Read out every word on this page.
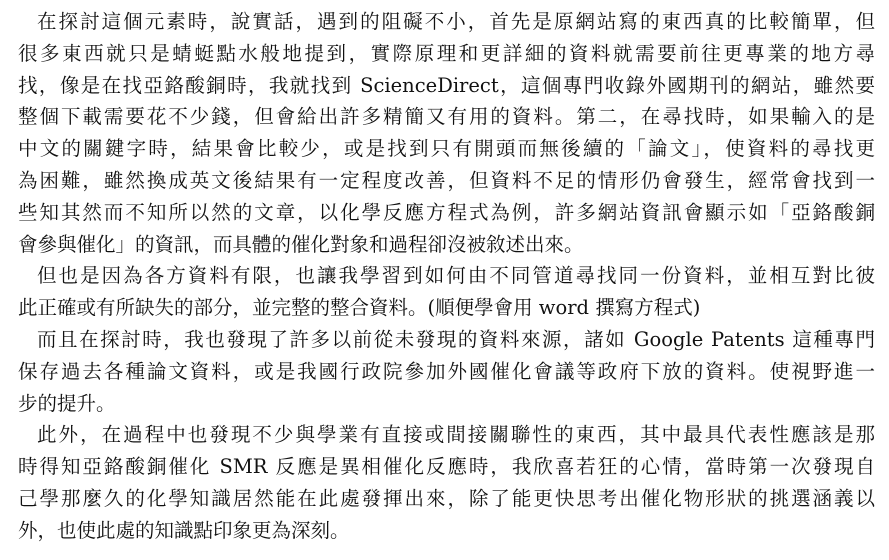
在探討這個元素時，說實話，遇到的阻礙不小，首先是原網站寫的東西真的比較簡單，但
很多東西就只是蜻蜓點水般地提到，實際原理和更詳細的資料就需要前往更專業的地方尋
找，像是在找亞鉻酸銅時，我就找到 ScienceDirect，這個專門收錄外國期刊的網站，雖然要
整個下載需要花不少錢，但會給出許多精簡又有用的資料。第二，在尋找時，如果輸入的是
中文的關鍵字時，結果會比較少，或是找到只有開頭而無後續的「論文」，使資料的尋找更
為困難，雖然換成英文後結果有一定程度改善，但資料不足的情形仍會發生，經常會找到一
些知其然而不知所以然的文章，以化學反應方程式為例，許多網站資訊會顯示如「亞鉻酸銅
會參與催化」的資訊，而具體的催化對象和過程卻沒被敘述出來。
但也是因為各方資料有限，也讓我學習到如何由不同管道尋找同一份資料，並相互對比彼
此正確或有所缺失的部分，並完整的整合資料。(順便學會用 word 撰寫方程式)
而且在探討時，我也發現了許多以前從未發現的資料來源，諸如 Google Patents 這種專門
保存過去各種論文資料，或是我國行政院參加外國催化會議等政府下放的資料。使視野進一
步的提升。
此外，在過程中也發現不少與學業有直接或間接關聯性的東西，其中最具代表性應該是那
時得知亞鉻酸銅催化 SMR 反應是異相催化反應時，我欣喜若狂的心情，當時第一次發現自
己學那麼久的化學知識居然能在此處發揮出來，除了能更快思考出催化物形狀的挑選涵義以
外，也使此處的知識點印象更為深刻。
